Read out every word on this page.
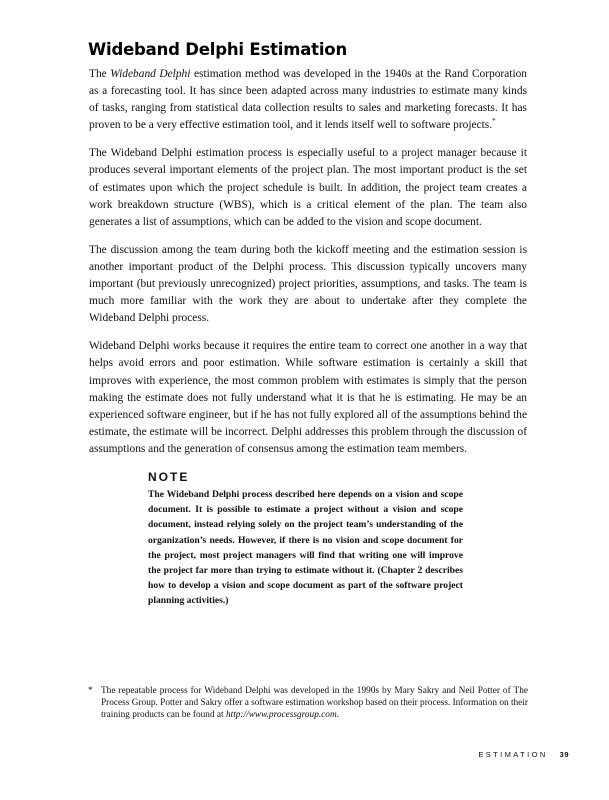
Wideband Delphi Estimation

The Wideband Delphi estimation method was developed in the 1940s at the Rand Corporation as a forecasting tool. It has since been adapted across many industries to estimate many kinds of tasks, ranging from statistical data collection results to sales and marketing forecasts. It has proven to be a very effective estimation tool, and it lends itself well to software projects.*

The Wideband Delphi estimation process is especially useful to a project manager because it produces several important elements of the project plan. The most important product is the set of estimates upon which the project schedule is built. In addition, the project team creates a work breakdown structure (WBS), which is a critical element of the plan. The team also generates a list of assumptions, which can be added to the vision and scope document.

The discussion among the team during both the kickoff meeting and the estimation session is another important product of the Delphi process. This discussion typically uncovers many important (but previously unrecognized) project priorities, assumptions, and tasks. The team is much more familiar with the work they are about to undertake after they complete the Wideband Delphi process.

Wideband Delphi works because it requires the entire team to correct one another in a way that helps avoid errors and poor estimation. While software estimation is certainly a skill that improves with experience, the most common problem with estimates is simply that the person making the estimate does not fully understand what it is that he is estimating. He may be an experienced software engineer, but if he has not fully explored all of the assumptions behind the estimate, the estimate will be incorrect. Delphi addresses this problem through the discussion of assumptions and the generation of consensus among the estimation team members.

NOTE
The Wideband Delphi process described here depends on a vision and scope document. It is possible to estimate a project without a vision and scope document, instead relying solely on the project team’s understanding of the organization’s needs. However, if there is no vision and scope document for the project, most project managers will find that writing one will improve the project far more than trying to estimate without it. (Chapter 2 describes how to develop a vision and scope document as part of the software project planning activities.)
* The repeatable process for Wideband Delphi was developed in the 1990s by Mary Sakry and Neil Potter of The Process Group. Potter and Sakry offer a software estimation workshop based on their process. Information on their training products can be found at http://www.processgroup.com.
ESTIMATION 39
